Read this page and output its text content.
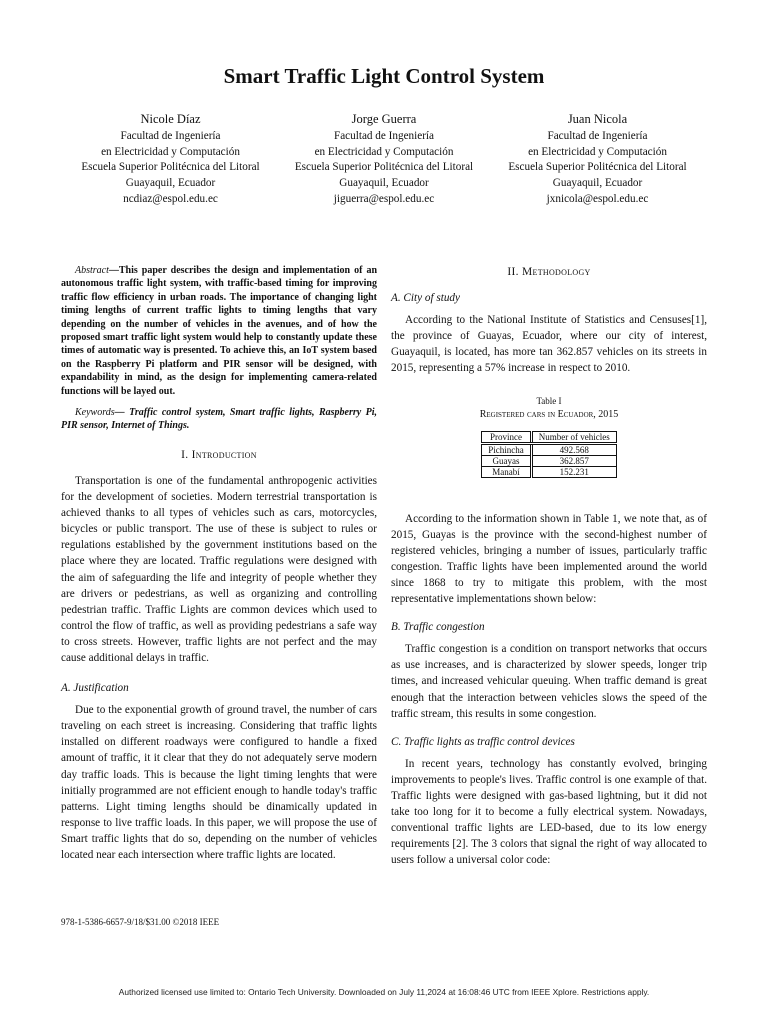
Smart Traffic Light Control System
Nicole Díaz
Facultad de Ingeniería
en Electricidad y Computación
Escuela Superior Politécnica del Litoral
Guayaquil, Ecuador
ncdiaz@espol.edu.ec
Jorge Guerra
Facultad de Ingeniería
en Electricidad y Computación
Escuela Superior Politécnica del Litoral
Guayaquil, Ecuador
jiguerra@espol.edu.ec
Juan Nicola
Facultad de Ingeniería
en Electricidad y Computación
Escuela Superior Politécnica del Litoral
Guayaquil, Ecuador
jxnicola@espol.edu.ec

Abstract—This paper describes the design and implementation of an autonomous traffic light system, with traffic-based timing for improving traffic flow efficiency in urban roads. The importance of changing light timing lengths of current traffic lights to timing lengths that vary depending on the number of vehicles in the avenues, and of how the proposed smart traffic light system would help to constantly update these times of automatic way is presented. To achieve this, an IoT system based on the Raspberry Pi platform and PIR sensor will be designed, with expandability in mind, as the design for implementing camera-related functions will be layed out.

Keywords— Traffic control system, Smart traffic lights, Raspberry Pi, PIR sensor, Internet of Things.

I. Introduction

Transportation is one of the fundamental anthropogenic activities for the development of societies. Modern terrestrial transportation is achieved thanks to all types of vehicles such as cars, motorcycles, bicycles or public transport. The use of these is subject to rules or regulations established by the government institutions based on the place where they are located. Traffic regulations were designed with the aim of safeguarding the life and integrity of people whether they are drivers or pedestrians, as well as organizing and controlling pedestrian traffic. Traffic Lights are common devices which used to control the flow of traffic, as well as providing pedestrians a safe way to cross streets. However, traffic lights are not perfect and the may cause additional delays in traffic.

A. Justification

Due to the exponential growth of ground travel, the number of cars traveling on each street is increasing. Considering that traffic lights installed on different roadways were configured to handle a fixed amount of traffic, it it clear that they do not adequately serve modern day traffic loads. This is because the light timing lenghts that were initially programmed are not efficient enough to handle today's traffic patterns. Light timing lengths should be dinamically updated in response to live traffic loads. In this paper, we will propose the use of Smart traffic lights that do so, depending on the number of vehicles located near each intersection where traffic lights are located.

978-1-5386-6657-9/18/$31.00 ©2018 IEEE
II. Methodology
A. City of study

According to the National Institute of Statistics and Censuses[1], the province of Guayas, Ecuador, where our city of interest, Guayaquil, is located, has more tan 362.857 vehicles on its streets in 2015, representing a 57% increase in respect to 2010.

Table I
Registered cars in Ecuador, 2015
Province	Number of vehicles
Pichincha	492.568
Guayas	362.857
Manabí	152.231

According to the information shown in Table 1, we note that, as of 2015, Guayas is the province with the second-highest number of registered vehicles, bringing a number of issues, particularly traffic congestion. Traffic lights have been implemented around the world since 1868 to try to mitigate this problem, with the most representative implementations shown below:

B. Traffic congestion

Traffic congestion is a condition on transport networks that occurs as use increases, and is characterized by slower speeds, longer trip times, and increased vehicular queuing. When traffic demand is great enough that the interaction between vehicles slows the speed of the traffic stream, this results in some congestion.

C. Traffic lights as traffic control devices

In recent years, technology has constantly evolved, bringing improvements to people's lives. Traffic control is one example of that. Traffic lights were designed with gas-based lightning, but it did not take too long for it to become a fully electrical system. Nowadays, conventional traffic lights are LED-based, due to its low energy requirements [2]. The 3 colors that signal the right of way allocated to users follow a universal color code:

Authorized licensed use limited to: Ontario Tech University. Downloaded on July 11,2024 at 16:08:46 UTC from IEEE Xplore. Restrictions apply.
